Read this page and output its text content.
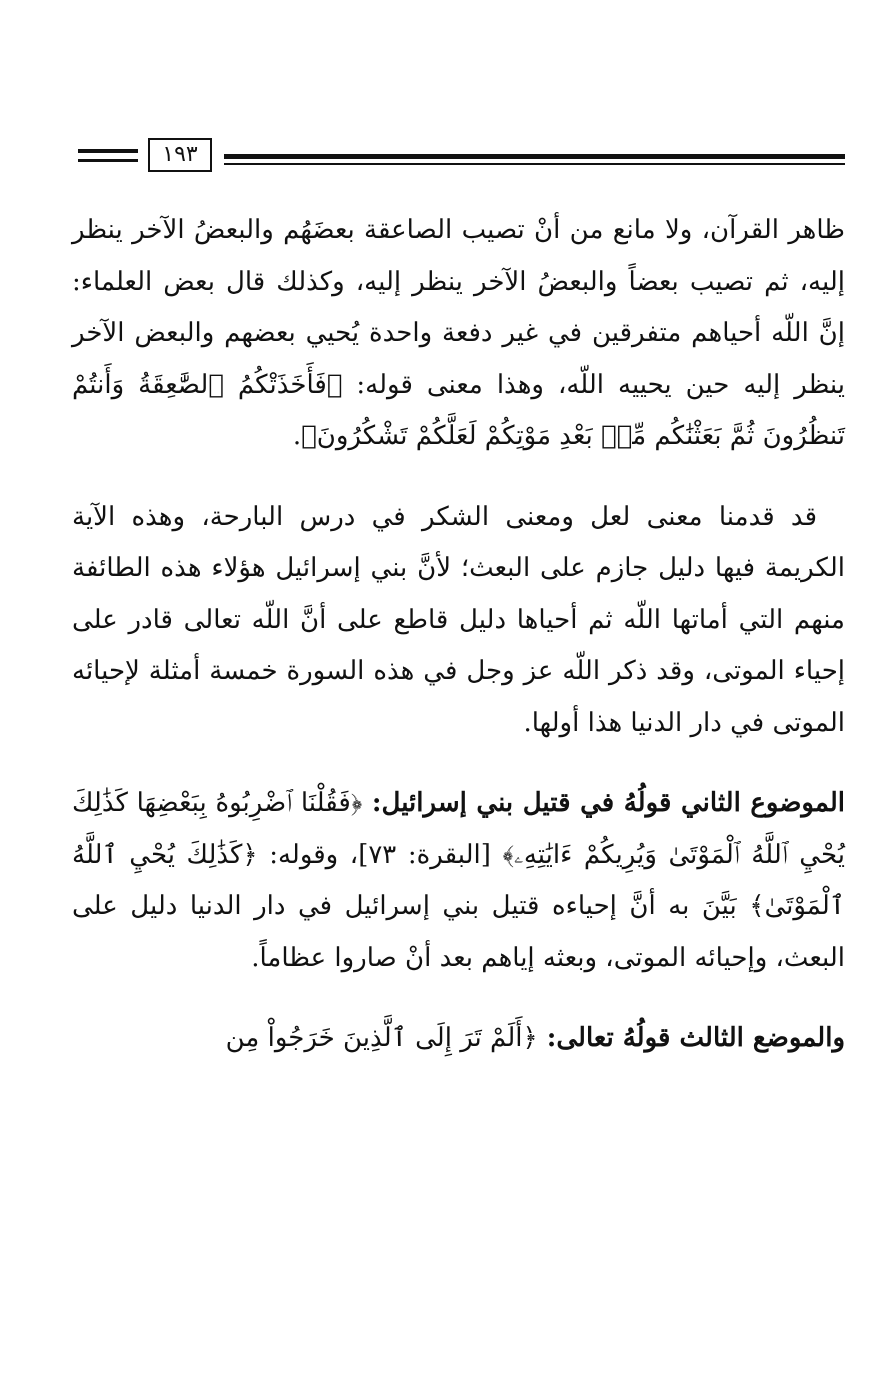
١٩٣

ظاهر القرآن، ولا مانع من أنْ تصيب الصاعقة بعضَهُم والبعضُ الآخر ينظر إليه، ثم تصيب بعضاً والبعضُ الآخر ينظر إليه، وكذلك قال بعض العلماء: إنَّ اللّه أحياهم متفرقين في غير دفعة واحدة يُحيي بعضهم والبعض الآخر ينظر إليه حين يحييه اللّه، وهذا معنى قوله: ﴿فَأَخَذَتْكُمُ ٱلصَّٰعِقَةُ وَأَنتُمْ تَنظُرُونَ ثُمَّ بَعَثْنَٰكُم مِّنۢ بَعْدِ مَوْتِكُمْ لَعَلَّكُمْ تَشْكُرُونَ﴾.

قد قدمنا معنى لعل ومعنى الشكر في درس البارحة، وهذه الآية الكريمة فيها دليل جازم على البعث؛ لأنَّ بني إسرائيل هؤلاء هذه الطائفة منهم التي أماتها اللّه ثم أحياها دليل قاطع على أنَّ اللّه تعالى قادر على إحياء الموتى، وقد ذكر اللّه عز وجل في هذه السورة خمسة أمثلة لإحيائه الموتى في دار الدنيا هذا أولها.

الموضوع الثاني قولُهُ في قتيل بني إسرائيل: ﴿فَقُلْنَا ٱضْرِبُوهُ بِبَعْضِهَا كَذَٰلِكَ يُحْيِ ٱللَّهُ ٱلْمَوْتَىٰ وَيُرِيكُمْ ءَايَٰتِهِۦ﴾ [البقرة: ٧٣]، وقوله: ﴿كَذَٰلِكَ يُحْيِ ٱللَّهُ ٱلْمَوْتَىٰ﴾ بَيَّنَ به أنَّ إحياءه قتيل بني إسرائيل في دار الدنيا دليل على البعث، وإحيائه الموتى، وبعثه إياهم بعد أنْ صاروا عظاماً.

والموضع الثالث قولُهُ تعالى: ﴿أَلَمْ تَرَ إِلَى ٱلَّذِينَ خَرَجُواْ مِن
